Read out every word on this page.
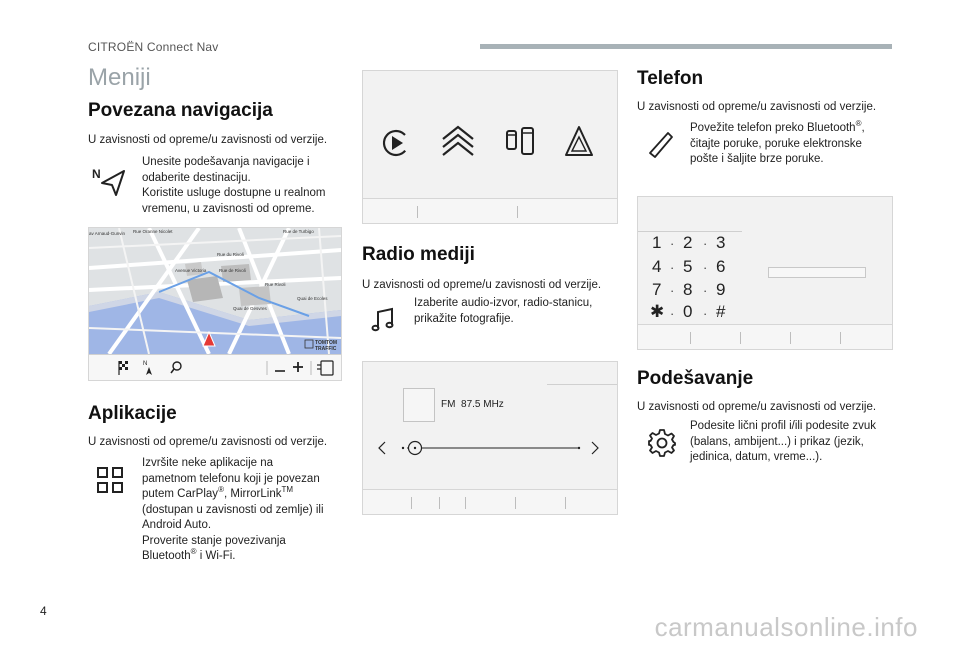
CITROËN Connect Nav
Meniji
Povezana navigacija
U zavisnosti od opreme/u zavisnosti od verzije.
N
Unesite podešavanja navigacije i
odaberite destinaciju.
Koristite usluge dostupne u realnom
vremenu, u zavisnosti od opreme.
Rue Oranne Nicolet	Rue de Turbigo
av Arnaud-Gunvin
Rue du Rivoli
Rue de Rivoli
Avenue Victoria
Rue Rivoli
Quai de Gesvres
Quai de Ecoles
TOMTOM
TRAFFIC
N
Aplikacije
U zavisnosti od opreme/u zavisnosti od verzije.
Izvršite neke aplikacije na
pametnom telefonu koji je povezan
putem CarPlay®, MirrorLink™
(dostupan u zavisnosti od zemlje) ili
Android Auto.
Proverite stanje povezivanja
Bluetooth® i Wi-Fi.
Radio mediji
U zavisnosti od opreme/u zavisnosti od verzije.
Izaberite audio-izvor, radio-stanicu,
prikažite fotografije.
FM 87.5 MHz
Telefon
U zavisnosti od opreme/u zavisnosti od verzije.
Povežite telefon preko Bluetooth®,
čitajte poruke, poruke elektronske
pošte i šaljite brze poruke.
1 · 2 · 3
4 · 5 · 6
7 · 8 · 9
✱ · 0 · #
Podešavanje
U zavisnosti od opreme/u zavisnosti od verzije.
Podesite lični profil i/ili podesite zvuk
(balans, ambijent...) i prikaz (jezik,
jedinica, datum, vreme...).
4
carmanualsonline.info
